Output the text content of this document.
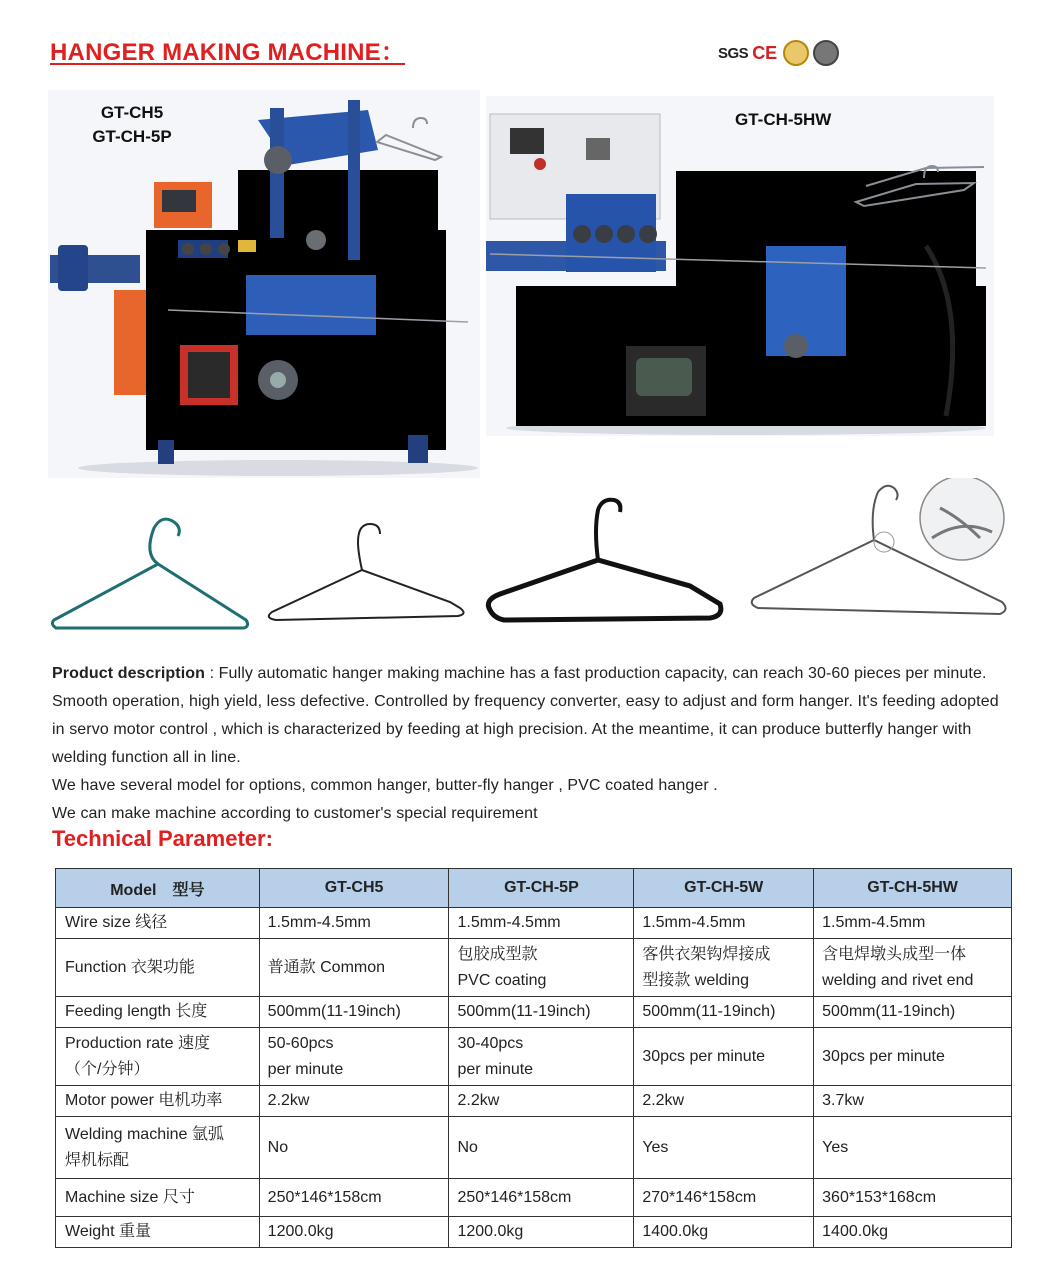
HANGER MAKING MACHINE：	SGS CE
GT-CH5
GT-CH-5P
GT-CH-5HW

Product description : Fully automatic hanger making machine has a fast production capacity, can reach 30-60 pieces per minute. Smooth operation, high yield, less defective. Controlled by frequency converter, easy to adjust and form hanger. It's feeding adopted in servo motor control , which is characterized by feeding at high precision. At the meantime, it can produce butterfly hanger with welding function all in line.

We have several model for options, common hanger, butter-fly hanger , PVC coated hanger .

We can make machine according to customer's special requirement

Technical Parameter:
Model　型号	GT-CH5	GT-CH-5P	GT-CH-5W	GT-CH-5HW
Wire size 线径	1.5mm-4.5mm	1.5mm-4.5mm	1.5mm-4.5mm	1.5mm-4.5mm
Function 衣架功能	普通款 Common	包胶成型款
PVC coating	客供衣架钩焊接成
型接款 welding	含电焊墩头成型一体
welding and rivet end
Feeding length 长度	500mm(11-19inch)	500mm(11-19inch)	500mm(11-19inch)	500mm(11-19inch)
Production rate 速度
（个/分钟）	50-60pcs
per minute	30-40pcs
per minute	30pcs per minute	30pcs per minute
Motor power 电机功率	2.2kw	2.2kw	2.2kw	3.7kw
Welding machine 氩弧
焊机标配	No	No	Yes	Yes
Machine size 尺寸	250*146*158cm	250*146*158cm	270*146*158cm	360*153*168cm
Weight 重量	1200.0kg	1200.0kg	1400.0kg	1400.0kg
